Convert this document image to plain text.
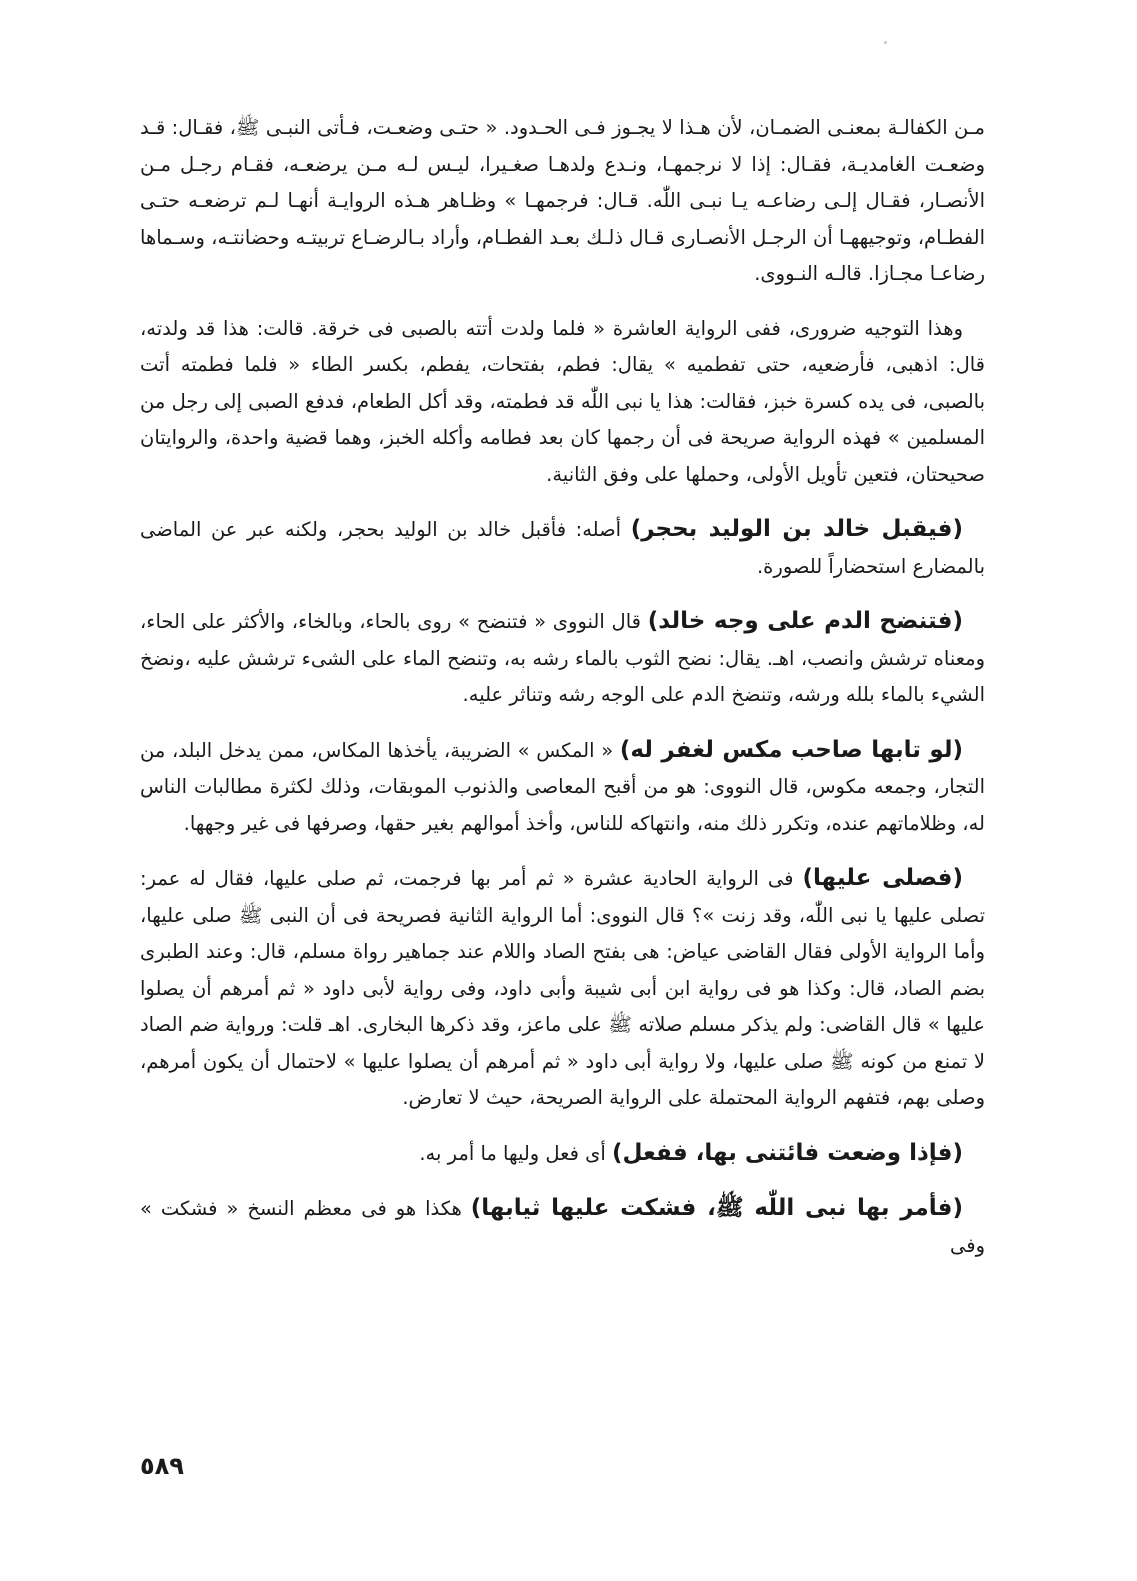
مـن الكفالـة بمعنـى الضمـان، لأن هـذا لا يجـوز فـى الحـدود. « حتـى وضعـت، فـأتى النبـى ﷺ، فقـال: قـد وضعـت الغامديـة، فقـال: إذا لا نرجمهـا، ونـدع ولدهـا صغـيرا، ليـس لـه مـن يرضعـه، فقـام رجـل مـن الأنصـار، فقـال إلـى رضاعـه يـا نبـى اللّٰه. قـال: فرجمهـا » وظـاهر هـذه الروايـة أنهـا لـم ترضعـه حتـى الفطـام، وتوجيههـا أن الرجـل الأنصـارى قـال ذلـك بعـد الفطـام، وأراد بـالرضـاع تربيتـه وحضانتـه، وسـماها رضاعـا مجـازا. قالـه النـووى.

وهذا التوجيه ضرورى، ففى الرواية العاشرة « فلما ولدت أتته بالصبى فى خرقة. قالت: هذا قد ولدته، قال: اذهبى، فأرضعيه، حتى تفطميه » يقال: فطم، بفتحات، يفطم، بكسر الطاء « فلما فطمته أتت بالصبى، فى يده كسرة خبز، فقالت: هذا يا نبى اللّٰه قد فطمته، وقد أكل الطعام، فدفع الصبى إلى رجل من المسلمين » فهذه الرواية صريحة فى أن رجمها كان بعد فطامه وأكله الخبز، وهما قضية واحدة، والروايتان صحيحتان، فتعين تأويل الأولى، وحملها على وفق الثانية.

(فيقبل خالد بن الوليد بحجر) أصله: فأقبل خالد بن الوليد بحجر، ولكنه عبر عن الماضى بالمضارع استحضاراً للصورة.

(فتنضح الدم على وجه خالد) قال النووى « فتنضح » روى بالحاء، وبالخاء، والأكثر على الحاء، ومعناه ترشش وانصب، اهـ. يقال: نضح الثوب بالماء رشه به، وتنضح الماء على الشىء ترشش عليه ،ونضخ الشيء بالماء بلله ورشه، وتنضخ الدم على الوجه رشه وتناثر عليه.

(لو تابها صاحب مكس لغفر له) « المكس » الضريبة، يأخذها المكاس، ممن يدخل البلد، من التجار، وجمعه مكوس، قال النووى: هو من أقبح المعاصى والذنوب الموبقات، وذلك لكثرة مطالبات الناس له، وظلاماتهم عنده، وتكرر ذلك منه، وانتهاكه للناس، وأخذ أموالهم بغير حقها، وصرفها فى غير وجهها.

(فصلى عليها) فى الرواية الحادية عشرة « ثم أمر بها فرجمت، ثم صلى عليها، فقال له عمر: تصلى عليها يا نبى اللّٰه، وقد زنت »؟ قال النووى: أما الرواية الثانية فصريحة فى أن النبى ﷺ صلى عليها، وأما الرواية الأولى فقال القاضى عياض: هى بفتح الصاد واللام عند جماهير رواة مسلم، قال: وعند الطبرى بضم الصاد، قال: وكذا هو فى رواية ابن أبى شيبة وأبى داود، وفى رواية لأبى داود « ثم أمرهم أن يصلوا عليها » قال القاضى: ولم يذكر مسلم صلاته ﷺ على ماعز، وقد ذكرها البخارى. اهـ قلت: ورواية ضم الصاد لا تمنع من كونه ﷺ صلى عليها، ولا رواية أبى داود « ثم أمرهم أن يصلوا عليها » لاحتمال أن يكون أمرهم، وصلى بهم، فتفهم الرواية المحتملة على الرواية الصريحة، حيث لا تعارض.

(فإذا وضعت فائتنى بها، ففعل) أى فعل وليها ما أمر به.

(فأمر بها نبى اللّٰه ﷺ، فشكت عليها ثيابها) هكذا هو فى معظم النسخ « فشكت » وفى

٥٨٩
